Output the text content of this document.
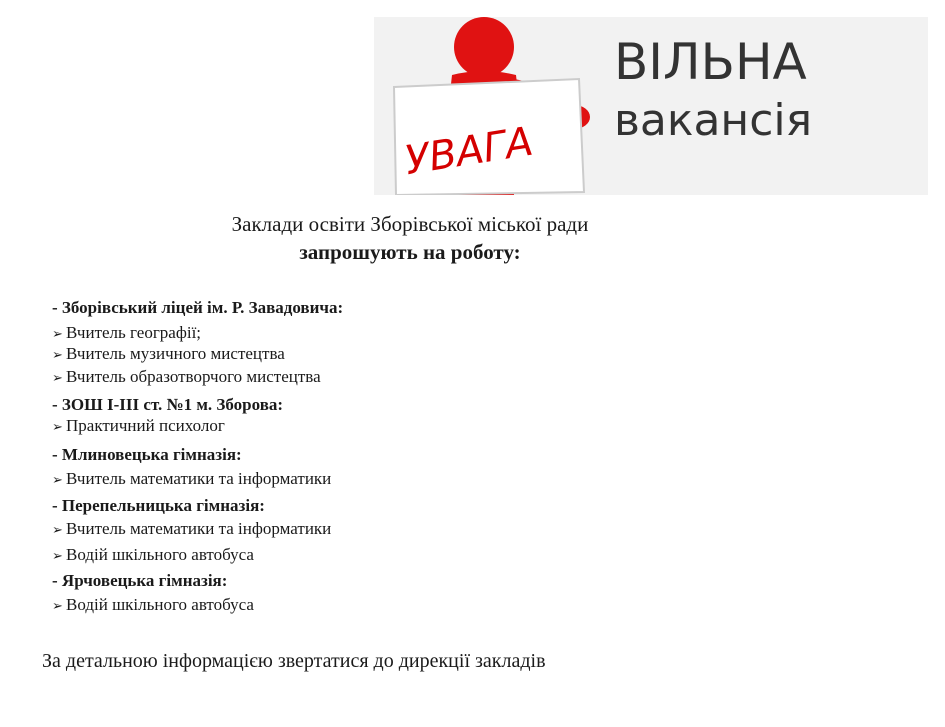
УВАГА
ВІЛЬНА
вакансія
Заклади освіти Зборівської міської ради
запрошують на роботу:
- Зборівський ліцей ім. Р. Завадовича:
➢ Вчитель географії;
➢ Вчитель музичного мистецтва
➢ Вчитель образотворчого мистецтва
- ЗОШ І-ІІІ ст. №1 м. Зборова:
➢ Практичний психолог
- Млиновецька гімназія:
➢ Вчитель математики та інформатики
- Перепельницька гімназія:
➢ Вчитель математики та інформатики
➢ Водій шкільного автобуса
- Ярчовецька гімназія:
➢ Водій шкільного автобуса
За детальною інформацією звертатися до дирекції закладів
